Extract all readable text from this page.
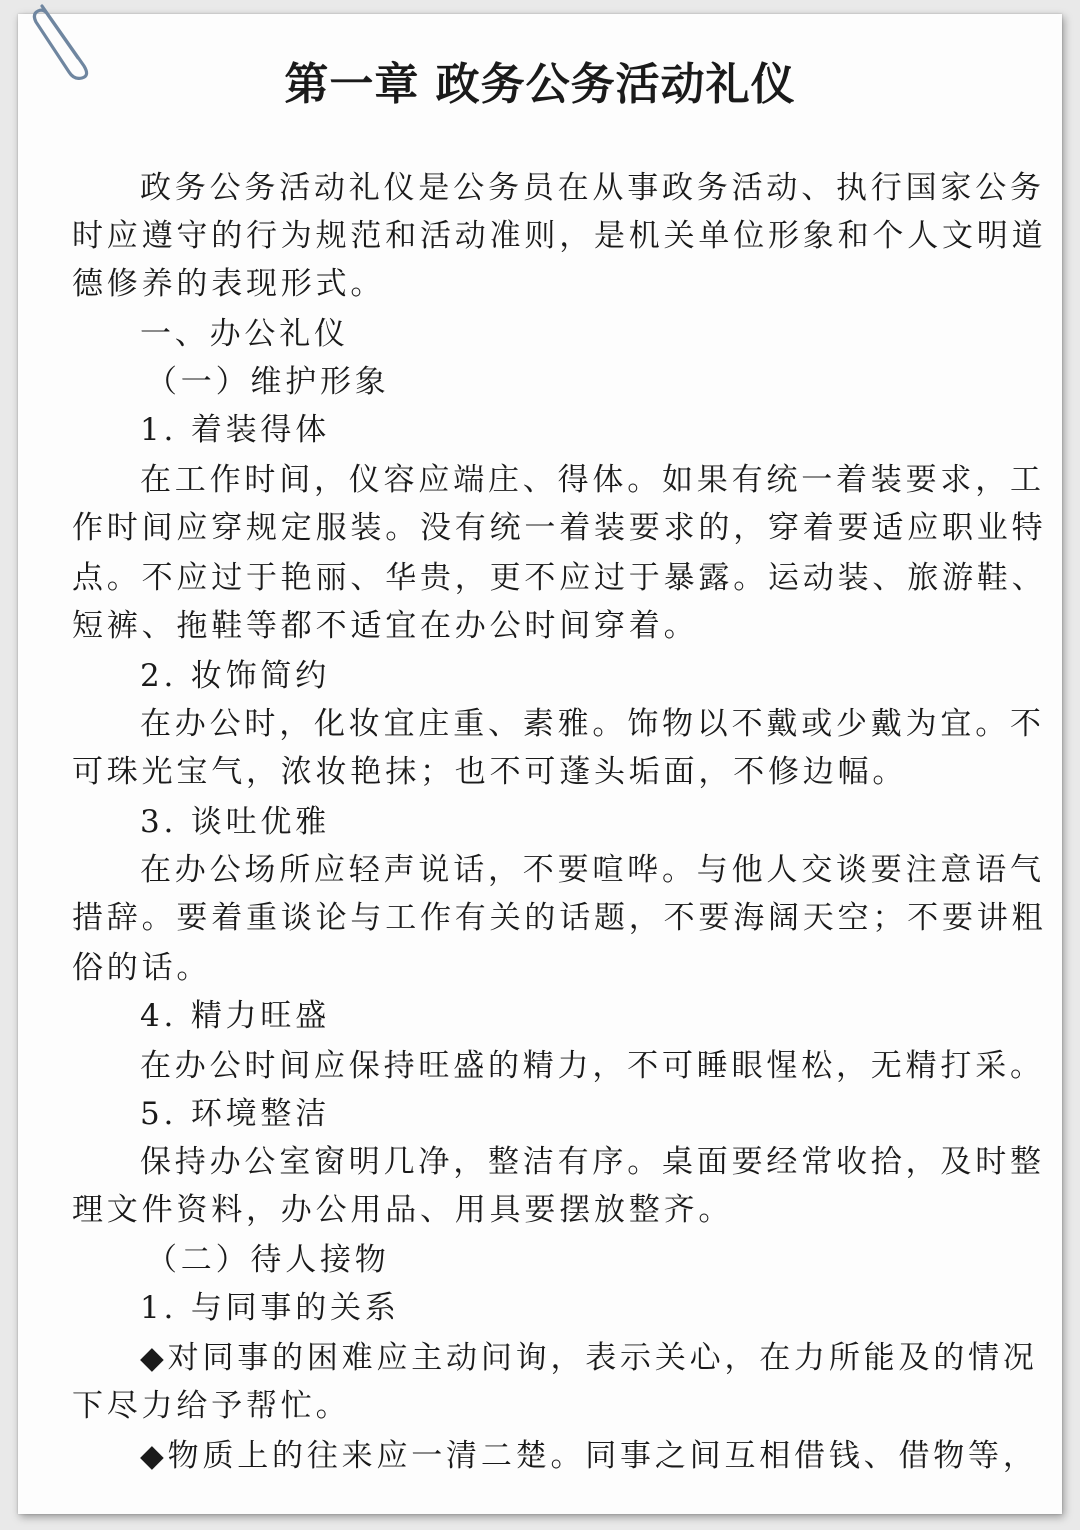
第一章 政务公务活动礼仪
政务公务活动礼仪是公务员在从事政务活动、执行国家公务
时应遵守的行为规范和活动准则，是机关单位形象和个人文明道
德修养的表现形式。
一、办公礼仪
（一）维护形象
1. 着装得体
在工作时间，仪容应端庄、得体。如果有统一着装要求，工
作时间应穿规定服装。没有统一着装要求的，穿着要适应职业特
点。不应过于艳丽、华贵，更不应过于暴露。运动装、旅游鞋、
短裤、拖鞋等都不适宜在办公时间穿着。
2. 妆饰简约
在办公时，化妆宜庄重、素雅。饰物以不戴或少戴为宜。不
可珠光宝气，浓妆艳抹；也不可蓬头垢面，不修边幅。
3. 谈吐优雅
在办公场所应轻声说话，不要喧哗。与他人交谈要注意语气
措辞。要着重谈论与工作有关的话题，不要海阔天空；不要讲粗
俗的话。
4. 精力旺盛
在办公时间应保持旺盛的精力，不可睡眼惺松，无精打采。
5. 环境整洁
保持办公室窗明几净，整洁有序。桌面要经常收拾，及时整
理文件资料，办公用品、用具要摆放整齐。
（二）待人接物
1. 与同事的关系
◆对同事的困难应主动问询，表示关心，在力所能及的情况
下尽力给予帮忙。
◆物质上的往来应一清二楚。同事之间互相借钱、借物等，
